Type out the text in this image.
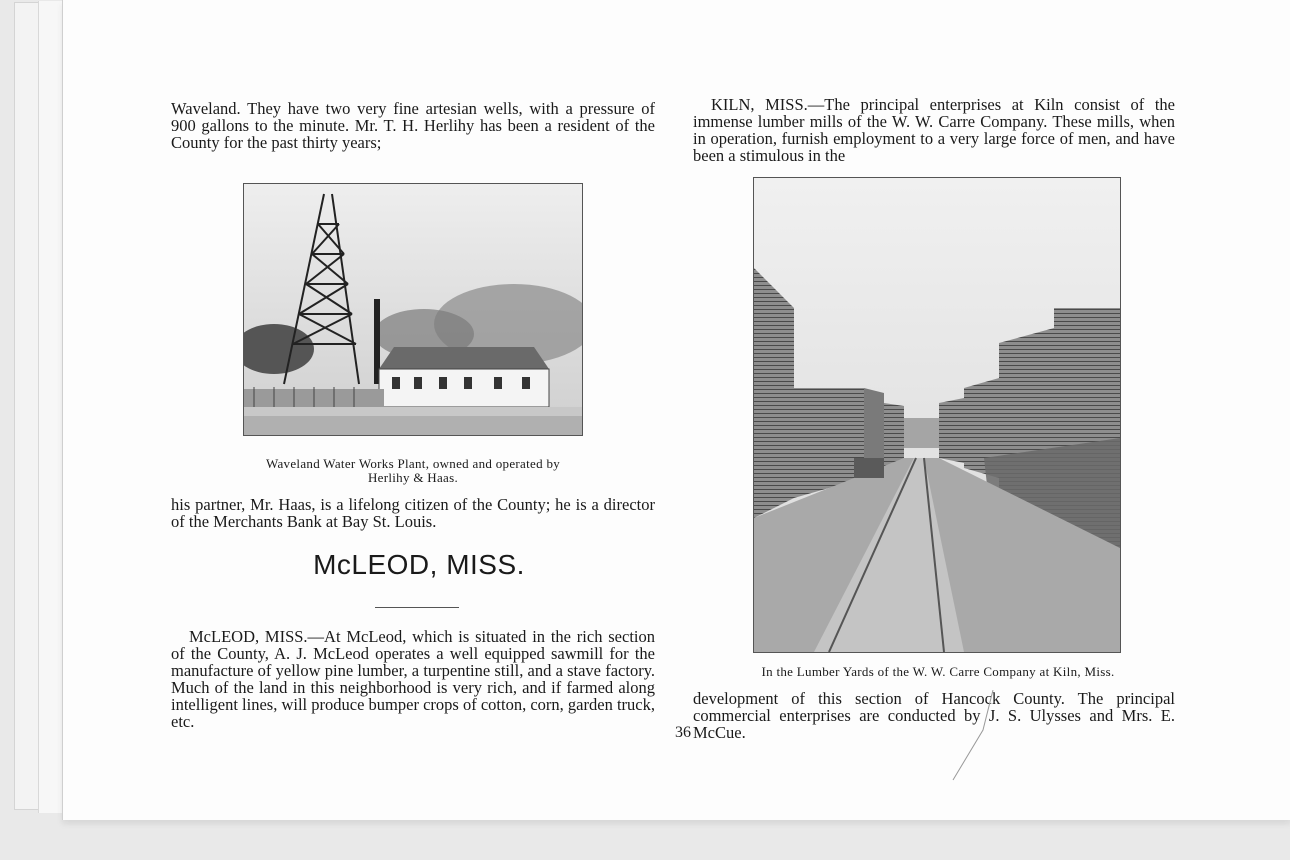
Waveland. They have two very fine artesian wells, with a pressure of 900 gallons to the minute. Mr. T. H. Herlihy has been a resident of the County for the past thirty years;

Waveland Water Works Plant, owned and operated by
Herlihy & Haas.

his partner, Mr. Haas, is a lifelong citizen of the County; he is a director of the Merchants Bank at Bay St. Louis.

McLEOD, MISS.

McLEOD, MISS.—At McLeod, which is situated in the rich section of the County, A. J. McLeod operates a well equipped sawmill for the manufacture of yellow pine lumber, a turpentine still, and a stave factory. Much of the land in this neighborhood is very rich, and if farmed along intelligent lines, will produce bumper crops of cotton, corn, garden truck, etc.

KILN, MISS.—The principal enterprises at Kiln consist of the immense lumber mills of the W. W. Carre Company. These mills, when in operation, furnish employment to a very large force of men, and have been a stimulous in the

In the Lumber Yards of the W. W. Carre Company at Kiln, Miss.

development of this section of Hancock County. The principal commercial enterprises are conducted by J. S. Ulysses and Mrs. E. McCue.

36
